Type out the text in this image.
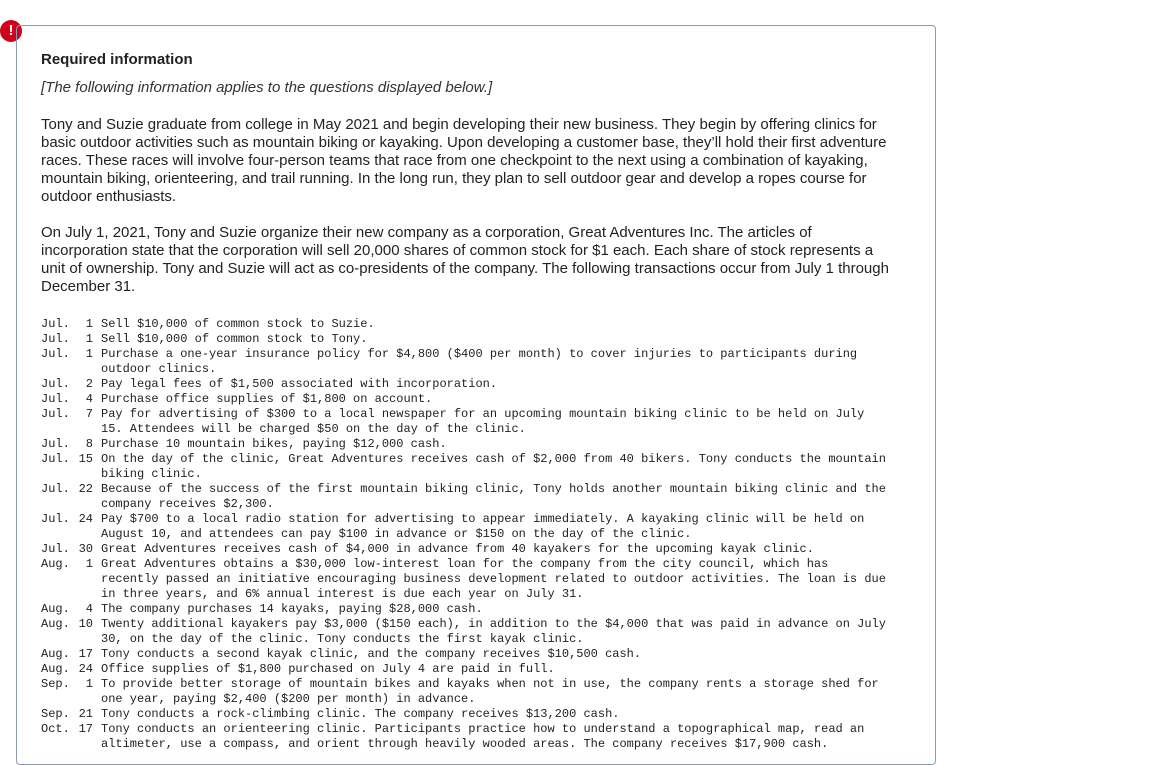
!
Required information

[The following information applies to the questions displayed below.]

Tony and Suzie graduate from college in May 2021 and begin developing their new business. They begin by offering clinics for basic outdoor activities such as mountain biking or kayaking. Upon developing a customer base, they’ll hold their first adventure races. These races will involve four-person teams that race from one checkpoint to the next using a combination of kayaking, mountain biking, orienteering, and trail running. In the long run, they plan to sell outdoor gear and develop a ropes course for outdoor enthusiasts.

On July 1, 2021, Tony and Suzie organize their new company as a corporation, Great Adventures Inc. The articles of incorporation state that the corporation will sell 20,000 shares of common stock for $1 each. Each share of stock represents a unit of ownership. Tony and Suzie will act as co-presidents of the company. The following transactions occur from July 1 through December 31.

Jul.	1 Sell $10,000 of common stock to Suzie.
Jul.	1 Sell $10,000 of common stock to Tony.
Jul.	1 Purchase a one-year insurance policy for $4,800 ($400 per month) to cover injuries to participants during outdoor clinics.
Jul.	2 Pay legal fees of $1,500 associated with incorporation.
Jul.	4 Purchase office supplies of $1,800 on account.
Jul.	7 Pay for advertising of $300 to a local newspaper for an upcoming mountain biking clinic to be held on July 15. Attendees will be charged $50 on the day of the clinic.
Jul.	8 Purchase 10 mountain bikes, paying $12,000 cash.
Jul. 15 On the day of the clinic, Great Adventures receives cash of $2,000 from 40 bikers. Tony conducts the mountain biking clinic.
Jul. 22 Because of the success of the first mountain biking clinic, Tony holds another mountain biking clinic and the company receives $2,300.
Jul. 24 Pay $700 to a local radio station for advertising to appear immediately. A kayaking clinic will be held on August 10, and attendees can pay $100 in advance or $150 on the day of the clinic.
Jul. 30 Great Adventures receives cash of $4,000 in advance from 40 kayakers for the upcoming kayak clinic.
Aug.	1 Great Adventures obtains a $30,000 low-interest loan for the company from the city council, which has recently passed an initiative encouraging business development related to outdoor activities. The loan is due in three years, and 6% annual interest is due each year on July 31.
Aug.	4 The company purchases 14 kayaks, paying $28,000 cash.
Aug. 10 Twenty additional kayakers pay $3,000 ($150 each), in addition to the $4,000 that was paid in advance on July 30, on the day of the clinic. Tony conducts the first kayak clinic.
Aug. 17 Tony conducts a second kayak clinic, and the company receives $10,500 cash.
Aug. 24 Office supplies of $1,800 purchased on July 4 are paid in full.
Sep.	1 To provide better storage of mountain bikes and kayaks when not in use, the company rents a storage shed for one year, paying $2,400 ($200 per month) in advance.
Sep. 21 Tony conducts a rock-climbing clinic. The company receives $13,200 cash.
Oct. 17 Tony conducts an orienteering clinic. Participants practice how to understand a topographical map, read an altimeter, use a compass, and orient through heavily wooded areas. The company receives $17,900 cash.
